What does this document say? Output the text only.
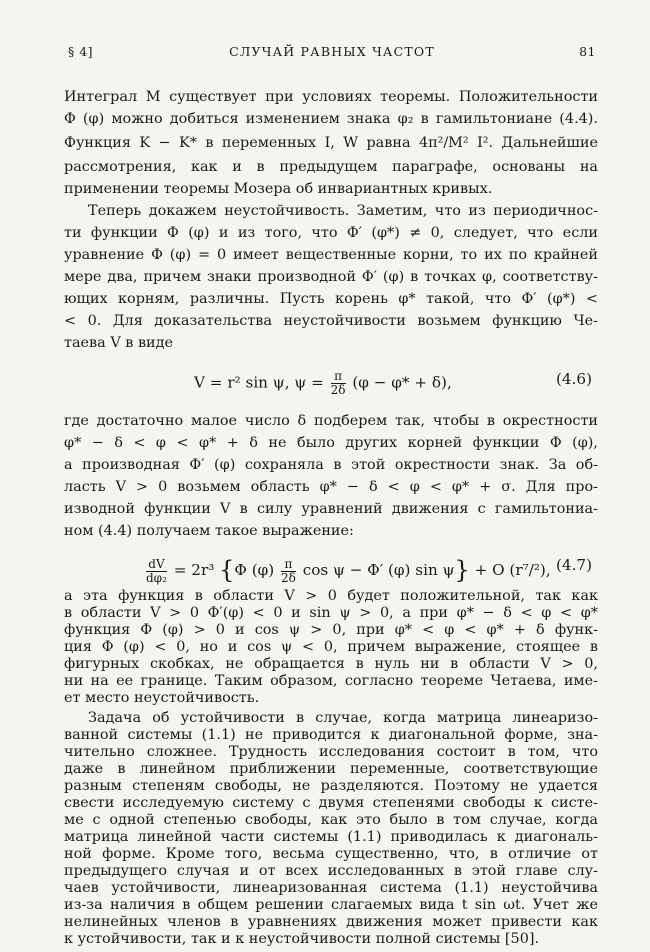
§ 4]	СЛУЧАЙ РАВНЫХ ЧАСТОТ	81
Интеграл M существует при условиях теоремы. Положительности
Φ (φ) можно добиться изменением знака φ₂ в гамильтониане (4.4).
Функция K − K* в переменных I, W равна 4π²/M² I². Дальнейшие
рассмотрения, как и в предыдущем параграфе, основаны на
применении теоремы Мозера об инвариантных кривых.
Теперь докажем неустойчивость. Заметим, что из периодичнос-
ти функции Φ (φ) и из того, что Φ′ (φ*) ≠ 0, следует, что если
уравнение Φ (φ) = 0 имеет вещественные корни, то их по крайней
мере два, причем знаки производной Φ′ (φ) в точках φ, соответству-
ющих корням, различны. Пусть корень φ* такой, что Φ′ (φ*) <
< 0. Для доказательства неустойчивости возьмем функцию Че-
таева V в виде
V = r² sin ψ, $\psi = \frac{\pi}{2\delta} (\varphi - \varphi* + \delta)$,	(4.6)
где достаточно малое число δ подберем так, чтобы в окрестности
φ* − δ < φ < φ* + δ не было других корней функции Φ (φ),
а производная Φ′ (φ) сохраняла в этой окрестности знак. За об-
ласть V > 0 возьмем область φ* − δ < φ < φ* + σ. Для про-
изводной функции V в силу уравнений движения с гамильтониа-
ном (4.4) получаем такое выражение:
$\frac{dV}{\text{dφ₂}} = 2r^3$ {Φ $(\varphi) \frac{\pi}{2\delta}$ cos ψ − Φ′ (φ) sin ψ} + O (r⁷/²), (4.7)
а эта функция в области V > 0 будет положительной, так как
в области V > 0 Φ′(φ) < 0 и sin ψ > 0, а при φ* − δ < φ < φ*
функция Φ (φ) > 0 и cos ψ > 0, при φ* < φ < φ* + δ функ-
ция Φ (φ) < 0, но и cos ψ < 0, причем выражение, стоящее в
фигурных скобках, не обращается в нуль ни в области V > 0,
ни на ее границе. Таким образом, согласно теореме Четаева, име-
ет место неустойчивость.
Задача об устойчивости в случае, когда матрица линеаризо-
ванной системы (1.1) не приводится к диагональной форме, зна-
чительно сложнее. Трудность исследования состоит в том, что
даже в линейном приближении переменные, соответствующие
разным степеням свободы, не разделяются. Поэтому не удается
свести исследуемую систему с двумя степенями свободы к систе-
ме с одной степенью свободы, как это было в том случае, когда
матрица линейной части системы (1.1) приводилась к диагональ-
ной форме. Кроме того, весьма существенно, что, в отличие от
предыдущего случая и от всех исследованных в этой главе слу-
чаев устойчивости, линеаризованная система (1.1) неустойчива
из-за наличия в общем решении слагаемых вида t sin ωt. Учет же
нелинейных членов в уравнениях движения может привести как
к устойчивости, так и к неустойчивости полной системы [50].
